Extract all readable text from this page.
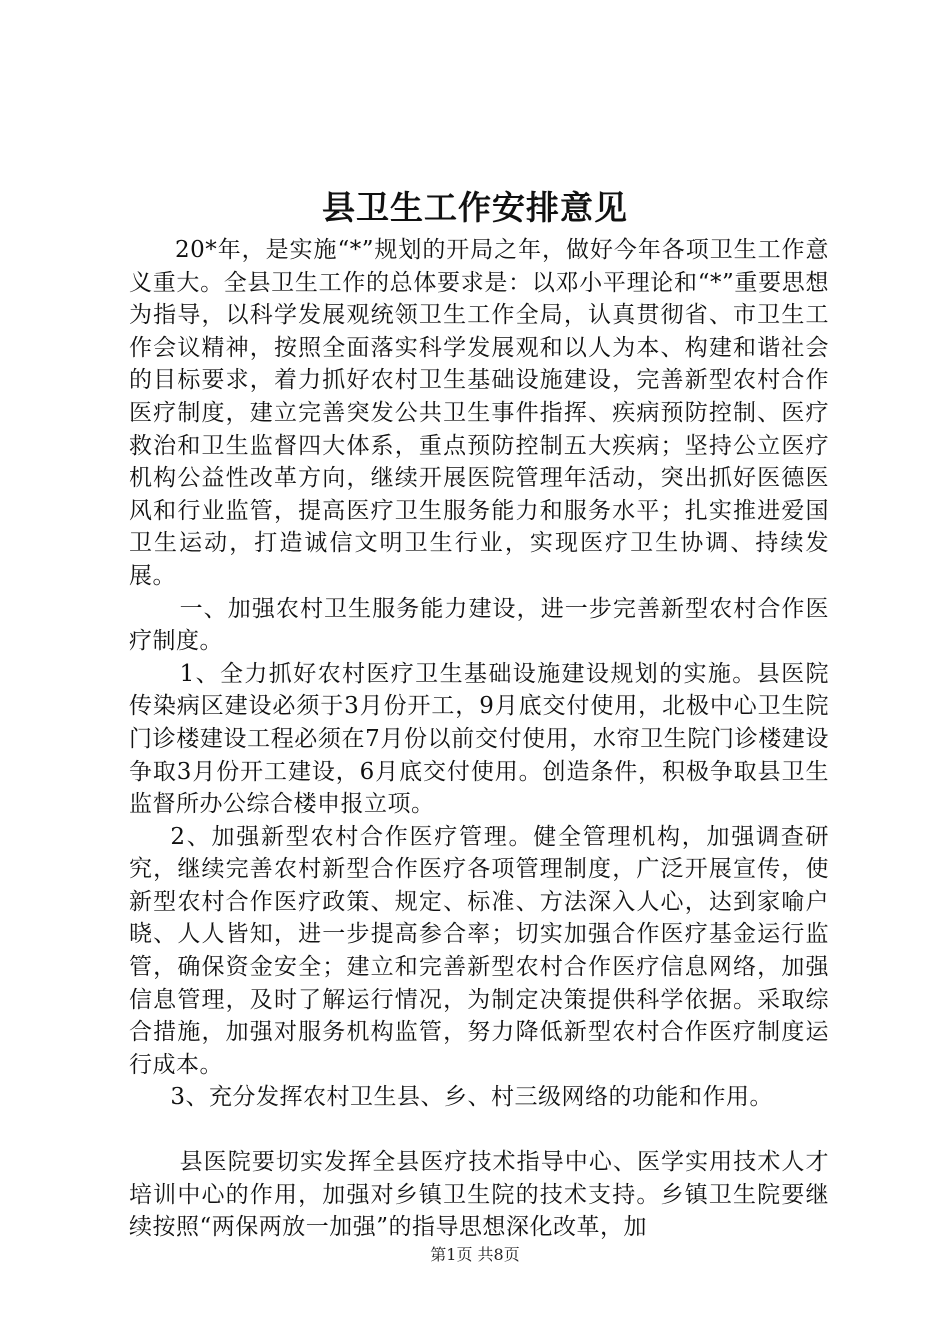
县卫生工作安排意见

20*年，是实施“*”规划的开局之年，做好今年各项卫生工作意义重大。全县卫生工作的总体要求是：以邓小平理论和“*”重要思想为指导，以科学发展观统领卫生工作全局，认真贯彻省、市卫生工作会议精神，按照全面落实科学发展观和以人为本、构建和谐社会的目标要求，着力抓好农村卫生基础设施建设，完善新型农村合作医疗制度，建立完善突发公共卫生事件指挥、疾病预防控制、医疗救治和卫生监督四大体系，重点预防控制五大疾病；坚持公立医疗机构公益性改革方向，继续开展医院管理年活动，突出抓好医德医风和行业监管，提高医疗卫生服务能力和服务水平；扎实推进爱国卫生运动，打造诚信文明卫生行业，实现医疗卫生协调、持续发展。

一、加强农村卫生服务能力建设，进一步完善新型农村合作医疗制度。

1、全力抓好农村医疗卫生基础设施建设规划的实施。县医院传染病区建设必须于3月份开工，9月底交付使用，北极中心卫生院门诊楼建设工程必须在7月份以前交付使用，水帘卫生院门诊楼建设争取3月份开工建设，6月底交付使用。创造条件，积极争取县卫生监督所办公综合楼申报立项。

2、加强新型农村合作医疗管理。健全管理机构，加强调查研究，继续完善农村新型合作医疗各项管理制度，广泛开展宣传，使新型农村合作医疗政策、规定、标准、方法深入人心，达到家喻户晓、人人皆知，进一步提高参合率；切实加强合作医疗基金运行监管，确保资金安全；建立和完善新型农村合作医疗信息网络，加强信息管理，及时了解运行情况，为制定决策提供科学依据。采取综合措施，加强对服务机构监管，努力降低新型农村合作医疗制度运行成本。

3、充分发挥农村卫生县、乡、村三级网络的功能和作用。

县医院要切实发挥全县医疗技术指导中心、医学实用技术人才培训中心的作用，加强对乡镇卫生院的技术支持。乡镇卫生院要继续按照“两保两放一加强”的指导思想深化改革，加

第1页 共8页
